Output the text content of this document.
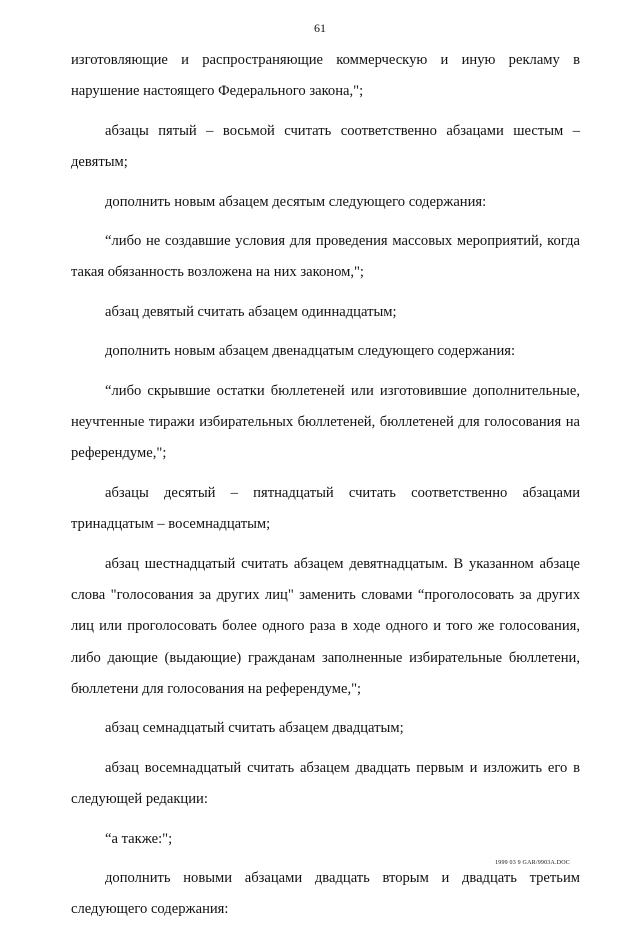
61

изготовляющие и распространяющие коммерческую и иную рекламу в нарушение настоящего Федерального закона,";

абзацы пятый – восьмой считать соответственно абзацами шестым – девятым;

дополнить новым абзацем десятым следующего содержания:

“либо не создавшие условия для проведения массовых мероприятий, когда такая обязанность возложена на них законом,";

абзац девятый считать абзацем одиннадцатым;

дополнить новым абзацем двенадцатым следующего содержания:

“либо скрывшие остатки бюллетеней или изготовившие дополнительные, неучтенные тиражи избирательных бюллетеней, бюллетеней для голосования на референдуме,";

абзацы десятый – пятнадцатый считать соответственно абзацами тринадцатым – восемнадцатым;

абзац шестнадцатый считать абзацем девятнадцатым. В указанном абзаце слова "голосования за других лиц" заменить словами “проголосовать за других лиц или проголосовать более одного раза в ходе одного и того же голосования, либо дающие (выдающие) гражданам заполненные избирательные бюллетени, бюллетени для голосования на референдуме,";

абзац семнадцатый считать абзацем двадцатым;

абзац восемнадцатый считать абзацем двадцать первым и изложить его в следующей редакции:

“а также:";

дополнить новыми абзацами двадцать вторым и двадцать третьим следующего содержания:

1999 03 9 GAR/9903A.DOC
